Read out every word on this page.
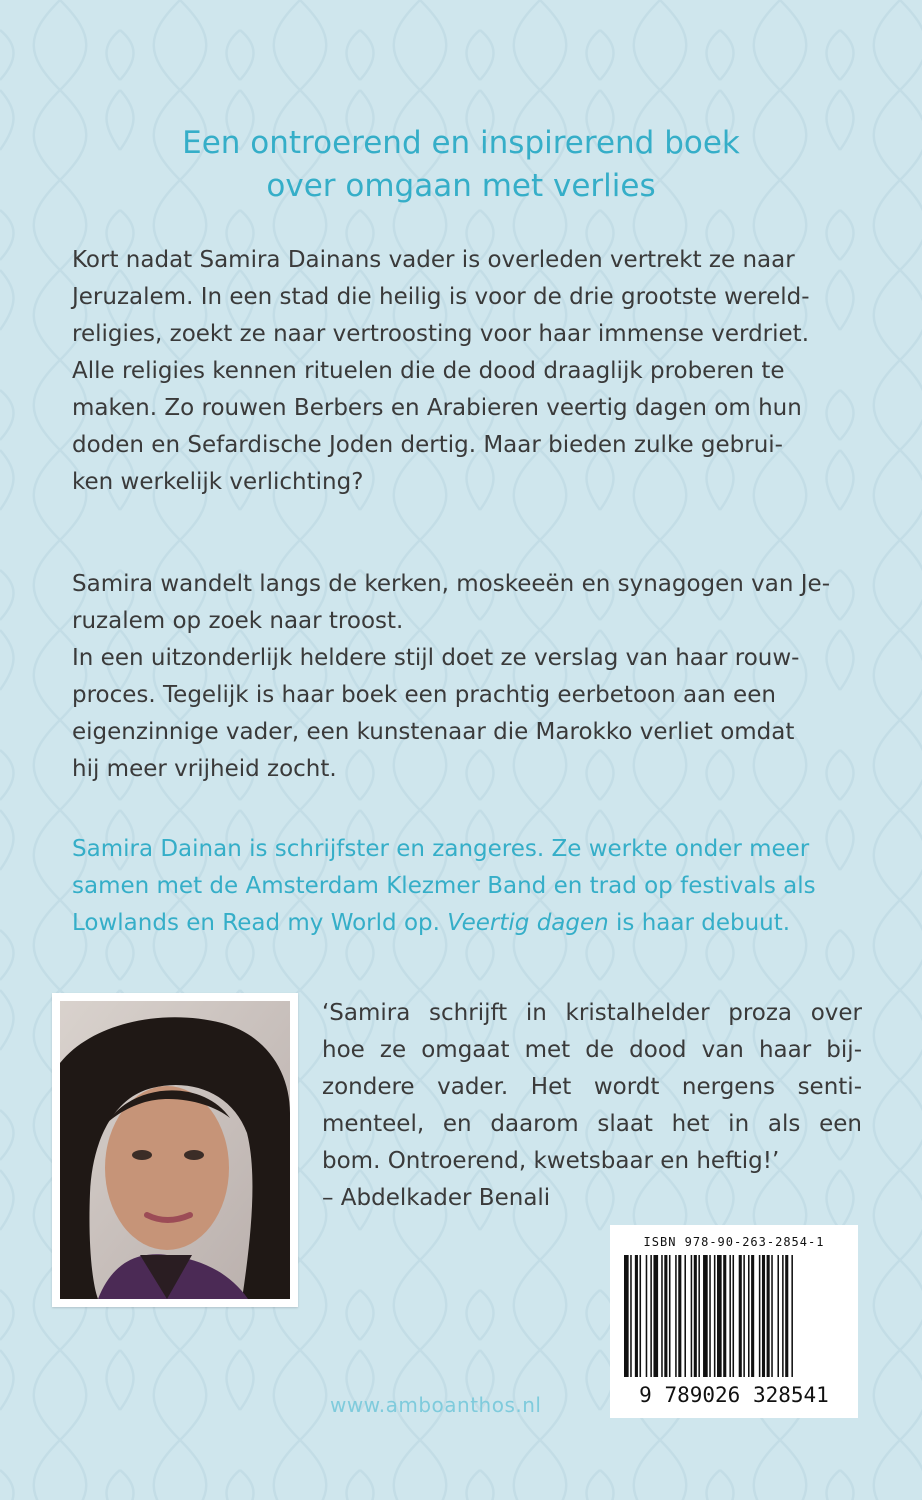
Een ontroerend en inspirerend boek
over omgaan met verlies
Kort nadat Samira Dainans vader is overleden vertrekt ze naar
Jeruzalem. In een stad die heilig is voor de drie grootste wereld-
religies, zoekt ze naar vertroosting voor haar immense verdriet.
Alle religies kennen rituelen die de dood draaglijk proberen te
maken. Zo rouwen Berbers en Arabieren veertig dagen om hun
doden en Sefardische Joden dertig. Maar bieden zulke gebrui-
ken werkelijk verlichting?
Samira wandelt langs de kerken, moskeeën en synagogen van Je-
ruzalem op zoek naar troost.
In een uitzonderlijk heldere stijl doet ze verslag van haar rouw-
proces. Tegelijk is haar boek een prachtig eerbetoon aan een
eigenzinnige vader, een kunstenaar die Marokko verliet omdat
hij meer vrijheid zocht.
Samira Dainan is schrijfster en zangeres. Ze werkte onder meer
samen met de Amsterdam Klezmer Band en trad op festivals als
Lowlands en Read my World op. Veertig dagen is haar debuut.
‘Samira schrijft in kristalhelder proza over
hoe ze omgaat met de dood van haar bij-
zondere vader. Het wordt nergens senti-
menteel, en daarom slaat het in als een
bom. Ontroerend, kwetsbaar en heftig!’
– Abdelkader Benali
ISBN 978-90-263-2854-1
9 789026 328541
www.amboanthos.nl
